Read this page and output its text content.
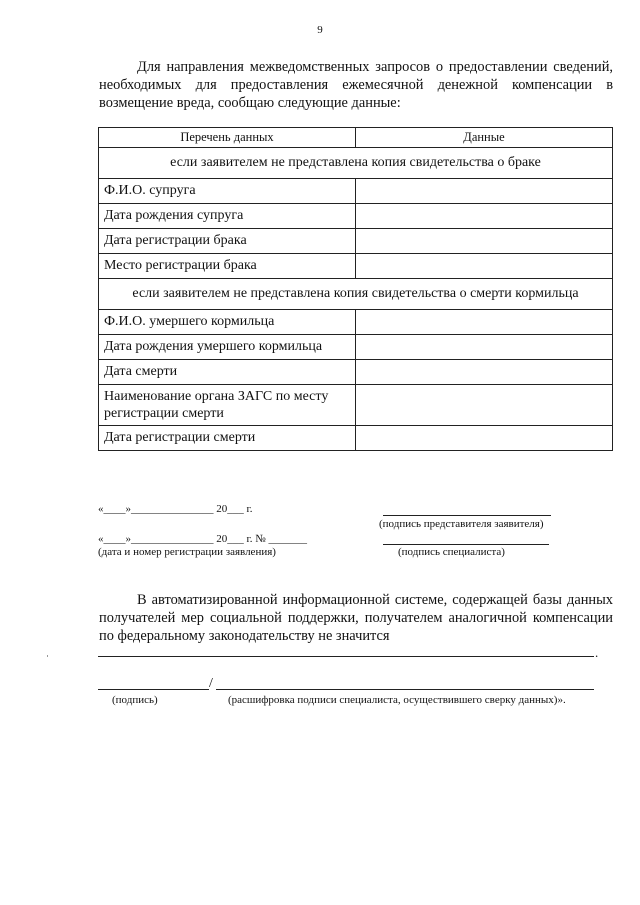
9
Для направления межведомственных запросов о предоставлении сведений, необходимых для предоставления ежемесячной денежной компенсации в возмещение вреда, сообщаю следующие данные:
Перечень данных	Данные
если заявителем не представлена копия свидетельства о браке	
Ф.И.О. супруга	
Дата рождения супруга	
Дата регистрации брака	
Место регистрации брака	
если заявителем не представлена копия свидетельства о смерти кормильца	
Ф.И.О. умершего кормильца	
Дата рождения умершего кормильца	
Дата смерти	
Наименование органа ЗАГС по месту регистрации смерти	
Дата регистрации смерти	
«____»_______________ 20___ г.
(подпись представителя заявителя)
«____»_______________ 20___ г. № _______
(дата и номер регистрации заявления)	(подпись специалиста)
В автоматизированной информационной системе, содержащей базы данных получателей мер социальной поддержки, получателем аналогичной компенсации по федеральному законодательству не значится
.
/
(подпись)	(расшифровка подписи специалиста, осуществившего сверку данных)».
